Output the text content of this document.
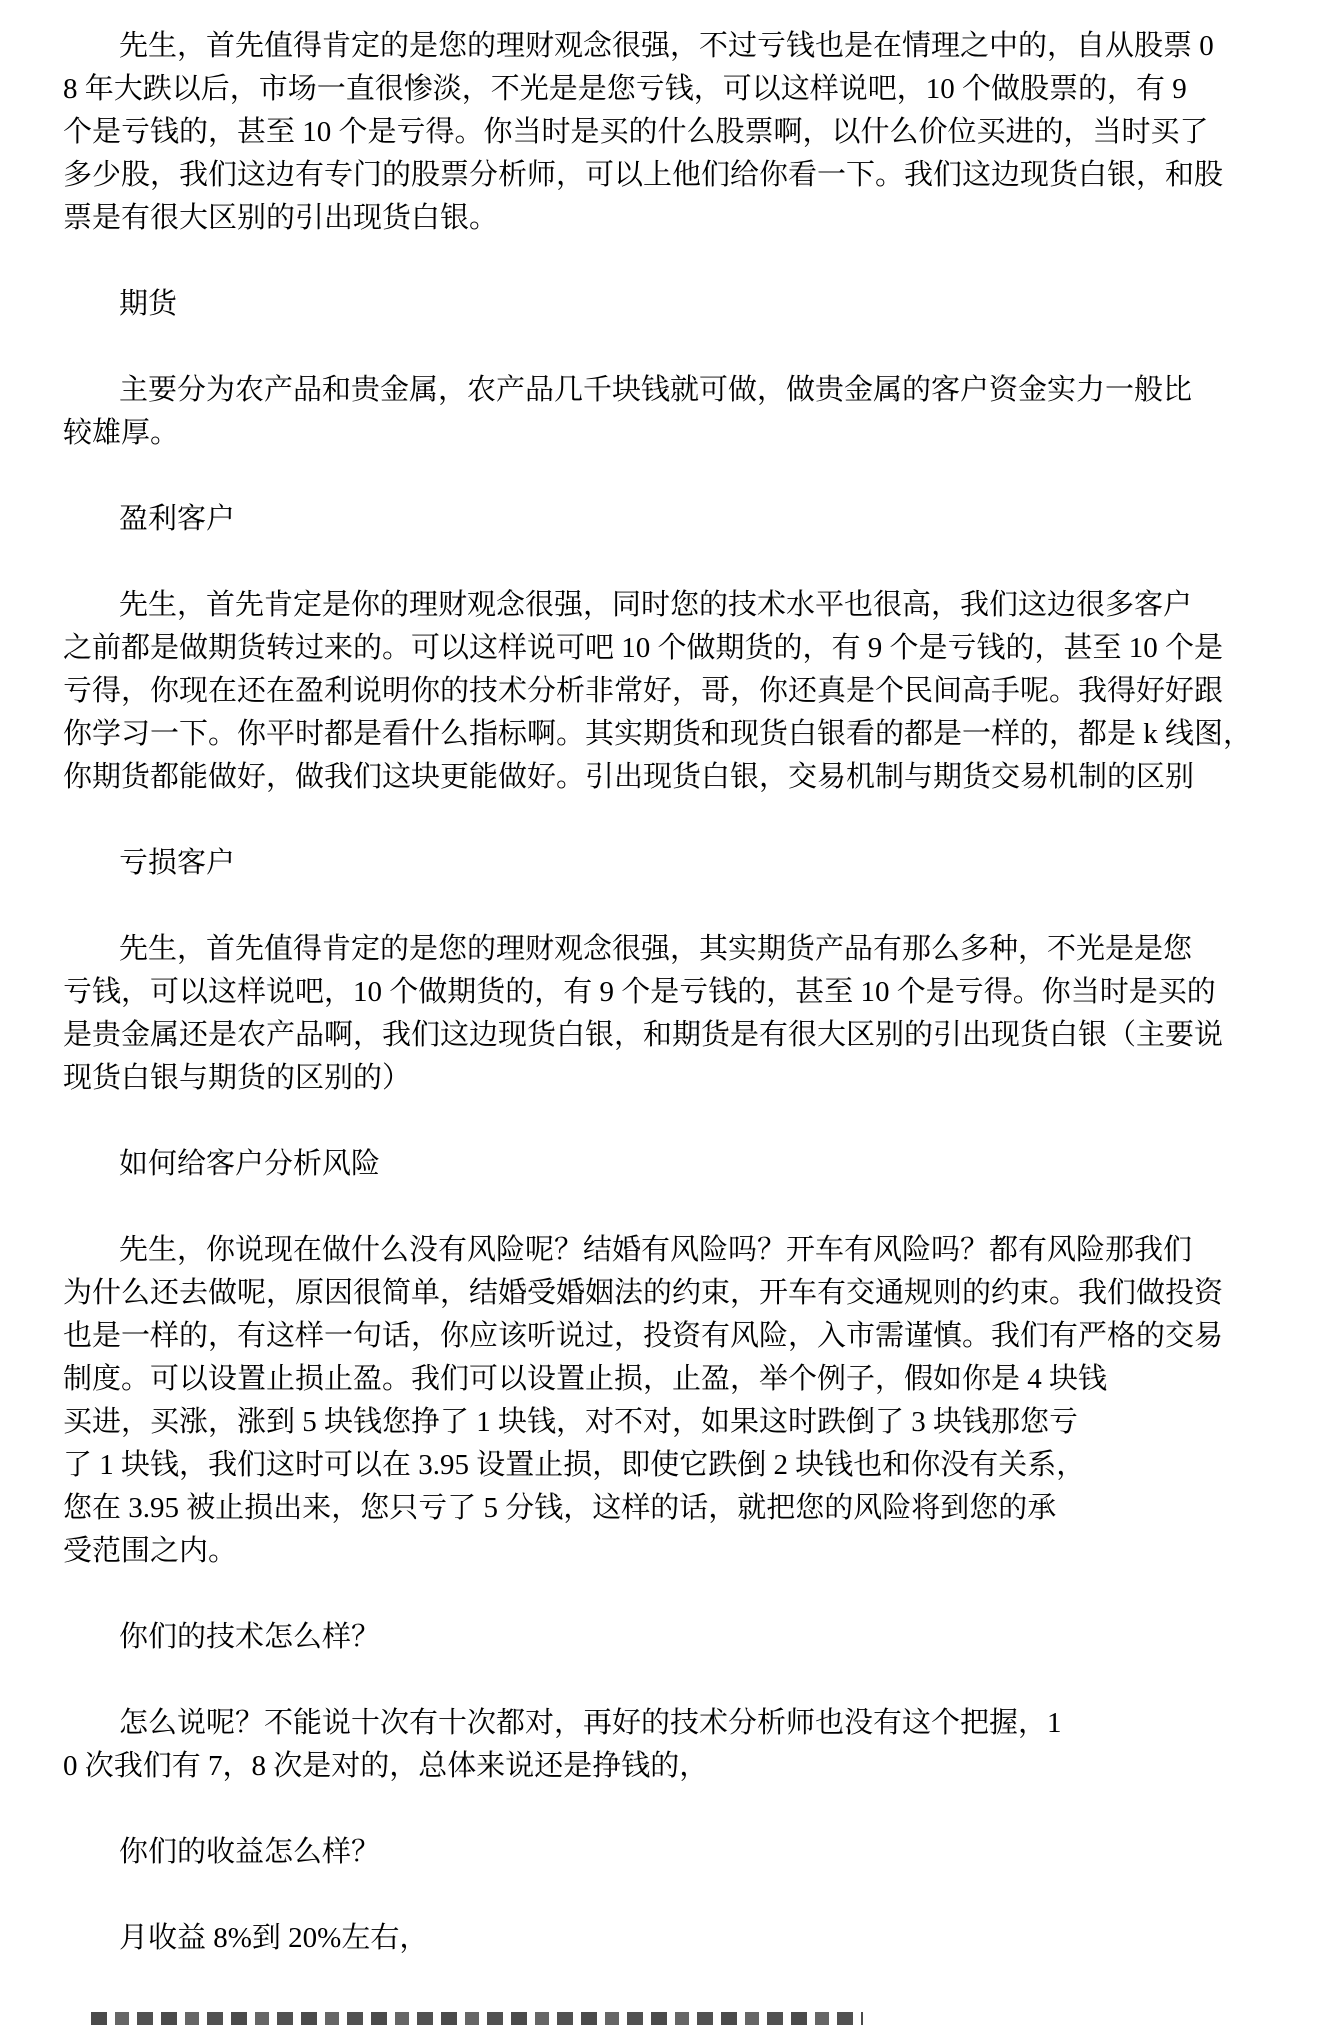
先生，首先值得肯定的是您的理财观念很强，不过亏钱也是在情理之中的，自从股票 0
8 年大跌以后，市场一直很惨淡，不光是是您亏钱，可以这样说吧，10 个做股票的，有 9
个是亏钱的，甚至 10 个是亏得。你当时是买的什么股票啊，以什么价位买进的，当时买了
多少股，我们这边有专门的股票分析师，可以上他们给你看一下。我们这边现货白银，和股
票是有很大区别的引出现货白银。
期货
主要分为农产品和贵金属，农产品几千块钱就可做，做贵金属的客户资金实力一般比
较雄厚。
盈利客户
先生，首先肯定是你的理财观念很强，同时您的技术水平也很高，我们这边很多客户
之前都是做期货转过来的。可以这样说可吧 10 个做期货的，有 9 个是亏钱的，甚至 10 个是
亏得，你现在还在盈利说明你的技术分析非常好，哥，你还真是个民间高手呢。我得好好跟
你学习一下。你平时都是看什么指标啊。其实期货和现货白银看的都是一样的，都是 k 线图，
你期货都能做好，做我们这块更能做好。引出现货白银，交易机制与期货交易机制的区别
亏损客户
先生，首先值得肯定的是您的理财观念很强，其实期货产品有那么多种，不光是是您
亏钱，可以这样说吧，10 个做期货的，有 9 个是亏钱的，甚至 10 个是亏得。你当时是买的
是贵金属还是农产品啊，我们这边现货白银，和期货是有很大区别的引出现货白银（主要说
现货白银与期货的区别的）
如何给客户分析风险
先生，你说现在做什么没有风险呢？结婚有风险吗？开车有风险吗？都有风险那我们
为什么还去做呢，原因很简单，结婚受婚姻法的约束，开车有交通规则的约束。我们做投资
也是一样的，有这样一句话，你应该听说过，投资有风险，入市需谨慎。我们有严格的交易
制度。可以设置止损止盈。我们可以设置止损，止盈，举个例子，假如你是 4 块钱
买进，买涨，涨到 5 块钱您挣了 1 块钱，对不对，如果这时跌倒了 3 块钱那您亏
了 1 块钱，我们这时可以在 3.95 设置止损，即使它跌倒 2 块钱也和你没有关系，
您在 3.95 被止损出来，您只亏了 5 分钱，这样的话，就把您的风险将到您的承
受范围之内。
你们的技术怎么样？
怎么说呢？不能说十次有十次都对，再好的技术分析师也没有这个把握，1
0 次我们有 7，8 次是对的，总体来说还是挣钱的，
你们的收益怎么样？
月收益 8%到 20%左右，
